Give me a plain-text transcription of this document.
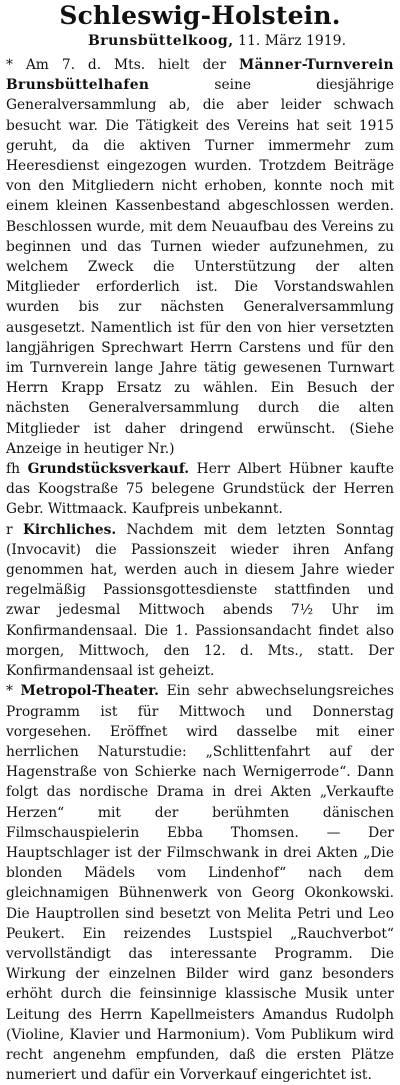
Schleswig-Holstein.
Brunsbüttelkoog, 11. März 1919.

* Am 7. d. Mts. hielt der Männer-Turnverein Brunsbüttelhafen seine diesjährige Generalversammlung ab, die aber leider schwach besucht war. Die Tätigkeit des Vereins hat seit 1915 geruht, da die aktiven Turner immermehr zum Heeresdienst eingezogen wurden. Trotzdem Beiträge von den Mitgliedern nicht erhoben, konnte noch mit einem kleinen Kassenbestand abgeschlossen werden. Beschlossen wurde, mit dem Neuaufbau des Vereins zu beginnen und das Turnen wieder aufzunehmen, zu welchem Zweck die Unterstützung der alten Mitglieder erforderlich ist. Die Vorstandswahlen wurden bis zur nächsten Generalversammlung ausgesetzt. Namentlich ist für den von hier versetzten langjährigen Sprechwart Herrn Carstens und für den im Turnverein lange Jahre tätig gewesenen Turnwart Herrn Krapp Ersatz zu wählen. Ein Besuch der nächsten Generalversammlung durch die alten Mitglieder ist daher dringend erwünscht. (Siehe Anzeige in heutiger Nr.)

fh Grundstücksverkauf. Herr Albert Hübner kaufte das Koogstraße 75 belegene Grundstück der Herren Gebr. Wittmaack. Kaufpreis unbekannt.

r Kirchliches. Nachdem mit dem letzten Sonntag (Invocavit) die Passionszeit wieder ihren Anfang genommen hat, werden auch in diesem Jahre wieder regelmäßig Passionsgottesdienste stattfinden und zwar jedesmal Mittwoch abends 7½ Uhr im Konfirmandensaal. Die 1. Passionsandacht findet also morgen, Mittwoch, den 12. d. Mts., statt. Der Konfirmandensaal ist geheizt.

* Metropol-Theater. Ein sehr abwechselungsreiches Programm ist für Mittwoch und Donnerstag vorgesehen. Eröffnet wird dasselbe mit einer herrlichen Naturstudie: „Schlittenfahrt auf der Hagenstraße von Schierke nach Wernigerrode“. Dann folgt das nordische Drama in drei Akten „Verkaufte Herzen“ mit der berühmten dänischen Filmschauspielerin Ebba Thomsen. — Der Hauptschlager ist der Filmschwank in drei Akten „Die blonden Mädels vom Lindenhof“ nach dem gleichnamigen Bühnenwerk von Georg Okonkowski. Die Hauptrollen sind besetzt von Melita Petri und Leo Peukert. Ein reizendes Lustspiel „Rauchverbot“ vervollständigt das interessante Programm. Die Wirkung der einzelnen Bilder wird ganz besonders erhöht durch die feinsinnige klassische Musik unter Leitung des Herrn Kapellmeisters Amandus Rudolph (Violine, Klavier und Harmonium). Vom Publikum wird recht angenehm empfunden, daß die ersten Plätze numeriert und dafür ein Vorverkauf eingerichtet ist.
